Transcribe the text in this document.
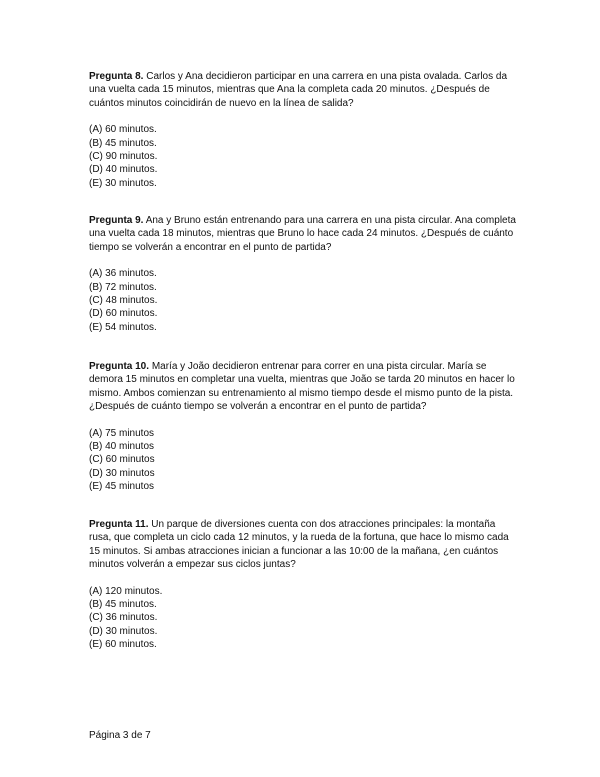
Pregunta 8. Carlos y Ana decidieron participar en una carrera en una pista ovalada. Carlos da una vuelta cada 15 minutos, mientras que Ana la completa cada 20 minutos. ¿Después de cuántos minutos coincidirán de nuevo en la línea de salida?

(A) 60 minutos.
(B) 45 minutos.
(C) 90 minutos.
(D) 40 minutos.
(E) 30 minutos.

Pregunta 9. Ana y Bruno están entrenando para una carrera en una pista circular. Ana completa una vuelta cada 18 minutos, mientras que Bruno lo hace cada 24 minutos. ¿Después de cuánto tiempo se volverán a encontrar en el punto de partida?

(A) 36 minutos.
(B) 72 minutos.
(C) 48 minutos.
(D) 60 minutos.
(E) 54 minutos.

Pregunta 10. María y João decidieron entrenar para correr en una pista circular. María se demora 15 minutos en completar una vuelta, mientras que João se tarda 20 minutos en hacer lo mismo. Ambos comienzan su entrenamiento al mismo tiempo desde el mismo punto de la pista. ¿Después de cuánto tiempo se volverán a encontrar en el punto de partida?

(A) 75 minutos
(B) 40 minutos
(C) 60 minutos
(D) 30 minutos
(E) 45 minutos

Pregunta 11. Un parque de diversiones cuenta con dos atracciones principales: la montaña rusa, que completa un ciclo cada 12 minutos, y la rueda de la fortuna, que hace lo mismo cada 15 minutos. Si ambas atracciones inician a funcionar a las 10:00 de la mañana, ¿en cuántos minutos volverán a empezar sus ciclos juntas?

(A) 120 minutos.
(B) 45 minutos.
(C) 36 minutos.
(D) 30 minutos.
(E) 60 minutos.
Página 3 de 7
